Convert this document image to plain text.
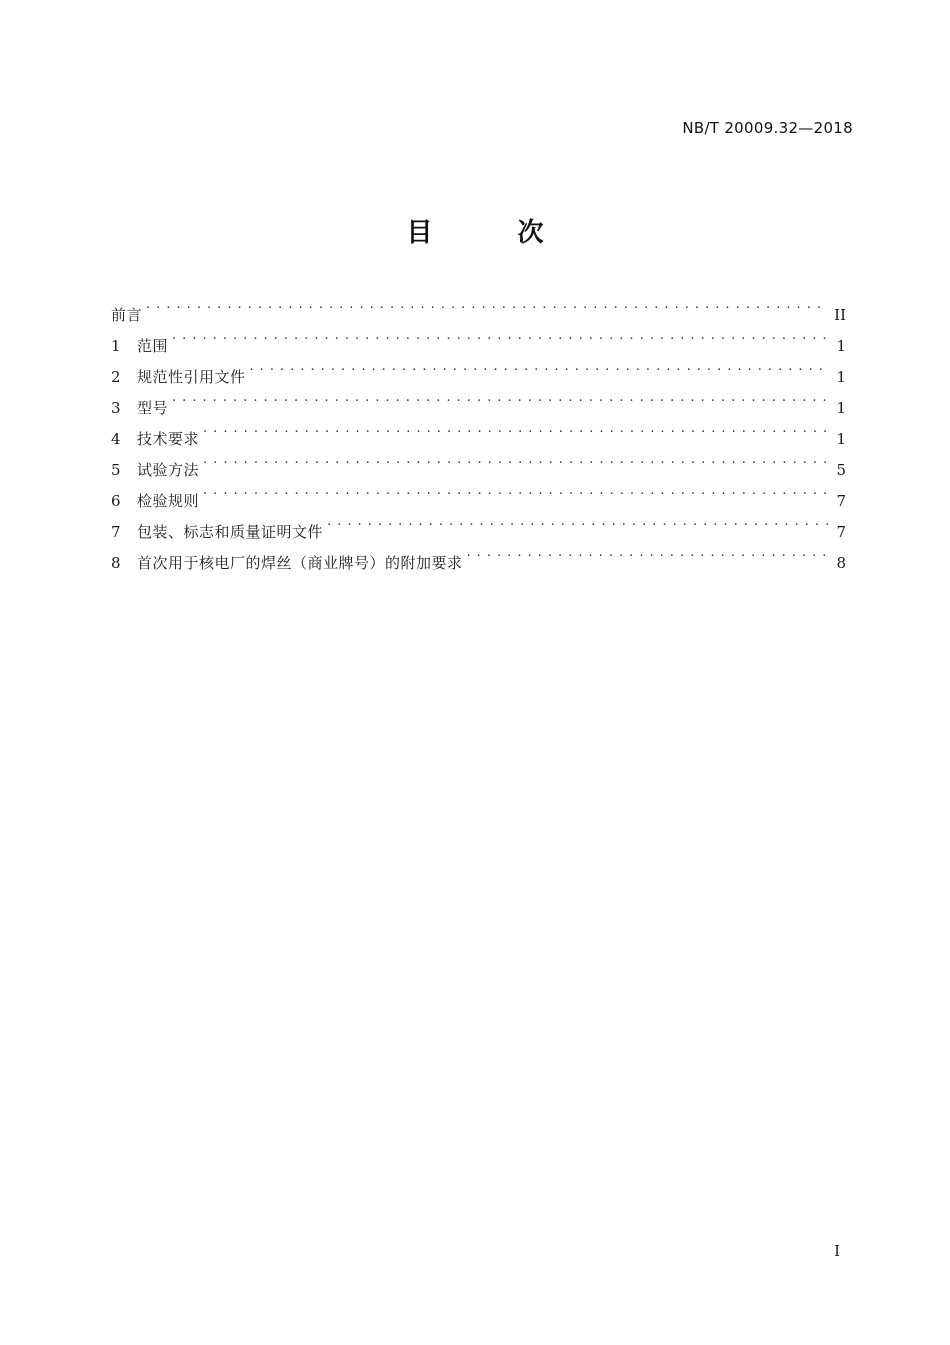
NB/T 20009.32—2018
目 次
前言 . . .	II
1	范围 . . .	1
2	规范性引用文件 . . .	1
3	型号 . . .	1
4	技术要求 . . .	1
5	试验方法 . . .	5
6	检验规则 . . .	7
7	包装、标志和质量证明文件 . . .	7
8	首次用于核电厂的焊丝（商业牌号）的附加要求 . . .	8
I
